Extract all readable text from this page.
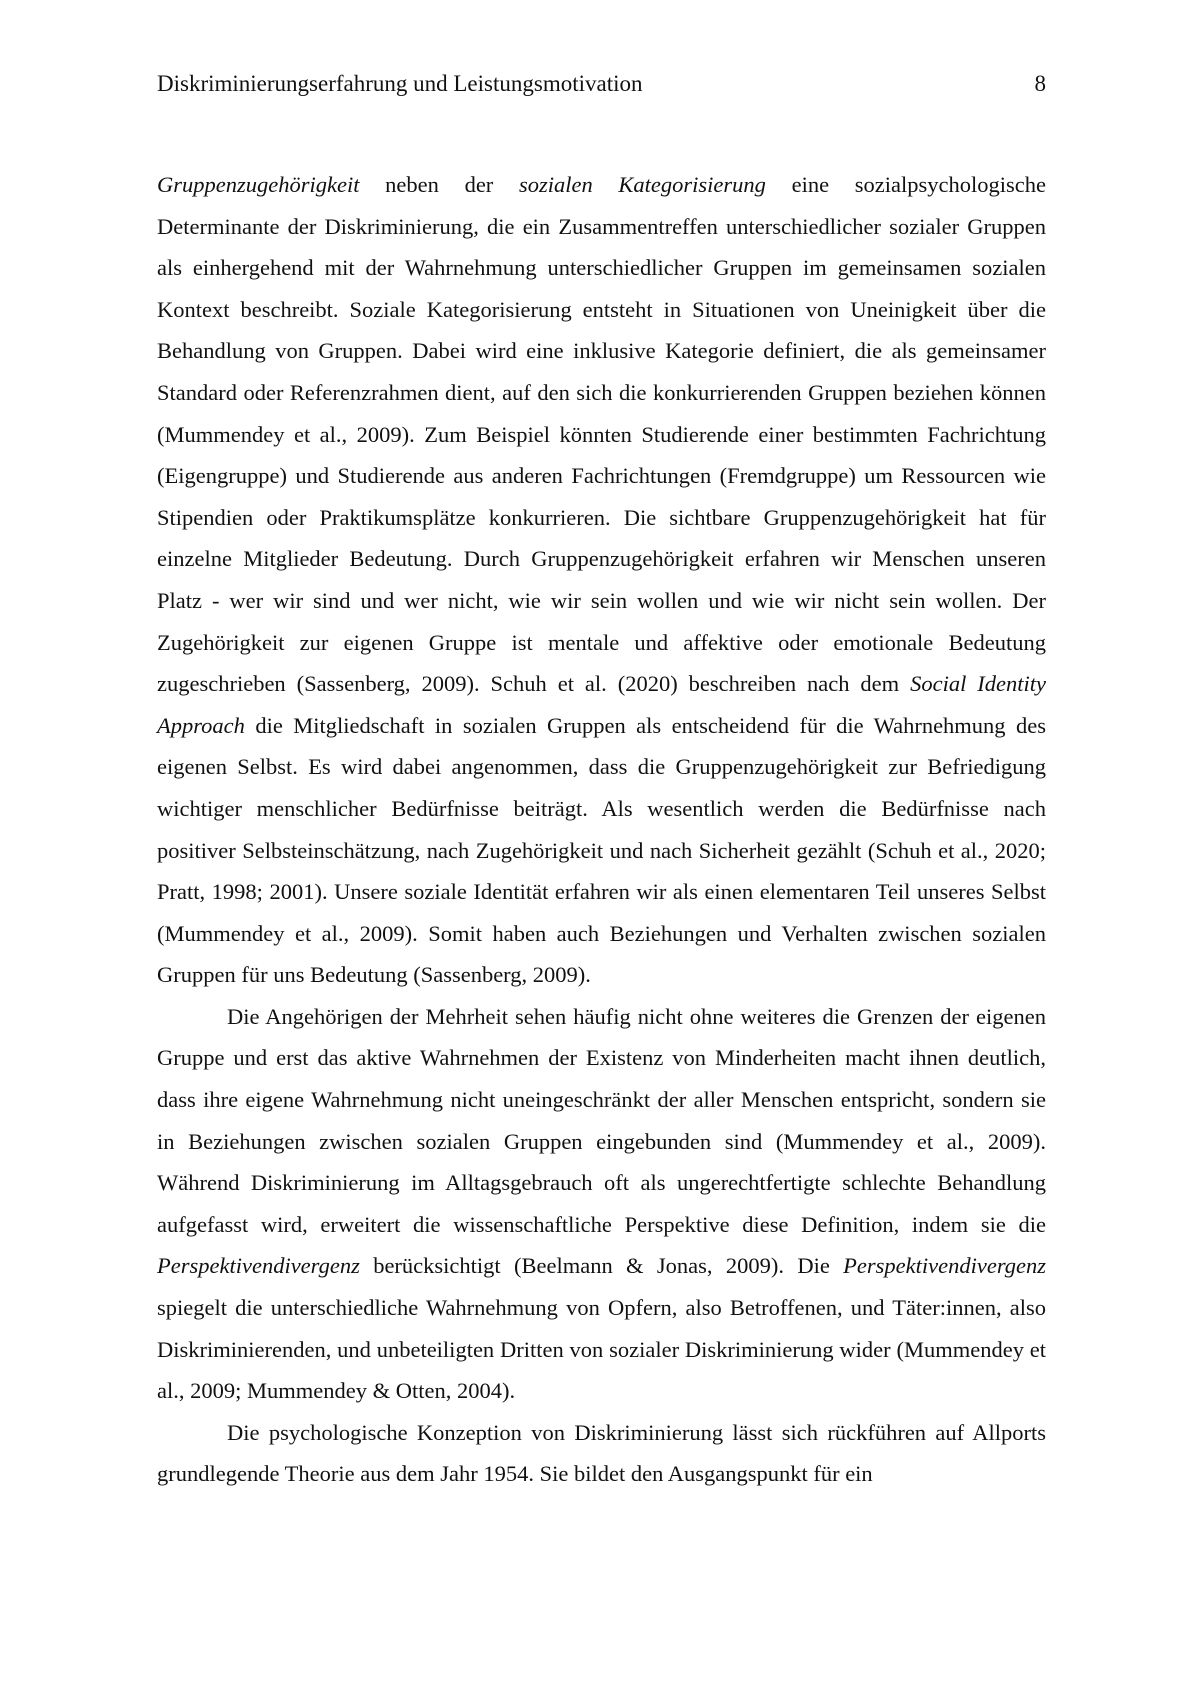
Diskriminierungserfahrung und Leistungsmotivation	8

Gruppenzugehörigkeit neben der sozialen Kategorisierung eine sozialpsychologische Determinante der Diskriminierung, die ein Zusammentreffen unterschiedlicher sozialer Gruppen als einhergehend mit der Wahrnehmung unterschiedlicher Gruppen im gemeinsamen sozialen Kontext beschreibt. Soziale Kategorisierung entsteht in Situationen von Uneinigkeit über die Behandlung von Gruppen. Dabei wird eine inklusive Kategorie definiert, die als gemeinsamer Standard oder Referenzrahmen dient, auf den sich die konkurrierenden Gruppen beziehen können (Mummendey et al., 2009). Zum Beispiel könnten Studierende einer bestimmten Fachrichtung (Eigengruppe) und Studierende aus anderen Fachrichtungen (Fremdgruppe) um Ressourcen wie Stipendien oder Praktikumsplätze konkurrieren. Die sichtbare Gruppenzugehörigkeit hat für einzelne Mitglieder Bedeutung. Durch Gruppenzugehörigkeit erfahren wir Menschen unseren Platz - wer wir sind und wer nicht, wie wir sein wollen und wie wir nicht sein wollen. Der Zugehörigkeit zur eigenen Gruppe ist mentale und affektive oder emotionale Bedeutung zugeschrieben (Sassenberg, 2009). Schuh et al. (2020) beschreiben nach dem Social Identity Approach die Mitgliedschaft in sozialen Gruppen als entscheidend für die Wahrnehmung des eigenen Selbst. Es wird dabei angenommen, dass die Gruppenzugehörigkeit zur Befriedigung wichtiger menschlicher Bedürfnisse beiträgt. Als wesentlich werden die Bedürfnisse nach positiver Selbsteinschätzung, nach Zugehörigkeit und nach Sicherheit gezählt (Schuh et al., 2020; Pratt, 1998; 2001). Unsere soziale Identität erfahren wir als einen elementaren Teil unseres Selbst (Mummendey et al., 2009). Somit haben auch Beziehungen und Verhalten zwischen sozialen Gruppen für uns Bedeutung (Sassenberg, 2009).

Die Angehörigen der Mehrheit sehen häufig nicht ohne weiteres die Grenzen der eigenen Gruppe und erst das aktive Wahrnehmen der Existenz von Minderheiten macht ihnen deutlich, dass ihre eigene Wahrnehmung nicht uneingeschränkt der aller Menschen entspricht, sondern sie in Beziehungen zwischen sozialen Gruppen eingebunden sind (Mummendey et al., 2009). Während Diskriminierung im Alltagsgebrauch oft als ungerechtfertigte schlechte Behandlung aufgefasst wird, erweitert die wissenschaftliche Perspektive diese Definition, indem sie die Perspektivendivergenz berücksichtigt (Beelmann & Jonas, 2009). Die Perspektivendivergenz spiegelt die unterschiedliche Wahrnehmung von Opfern, also Betroffenen, und Täter:innen, also Diskriminierenden, und unbeteiligten Dritten von sozialer Diskriminierung wider (Mummendey et al., 2009; Mummendey & Otten, 2004).

Die psychologische Konzeption von Diskriminierung lässt sich rückführen auf Allports grundlegende Theorie aus dem Jahr 1954. Sie bildet den Ausgangspunkt für ein
